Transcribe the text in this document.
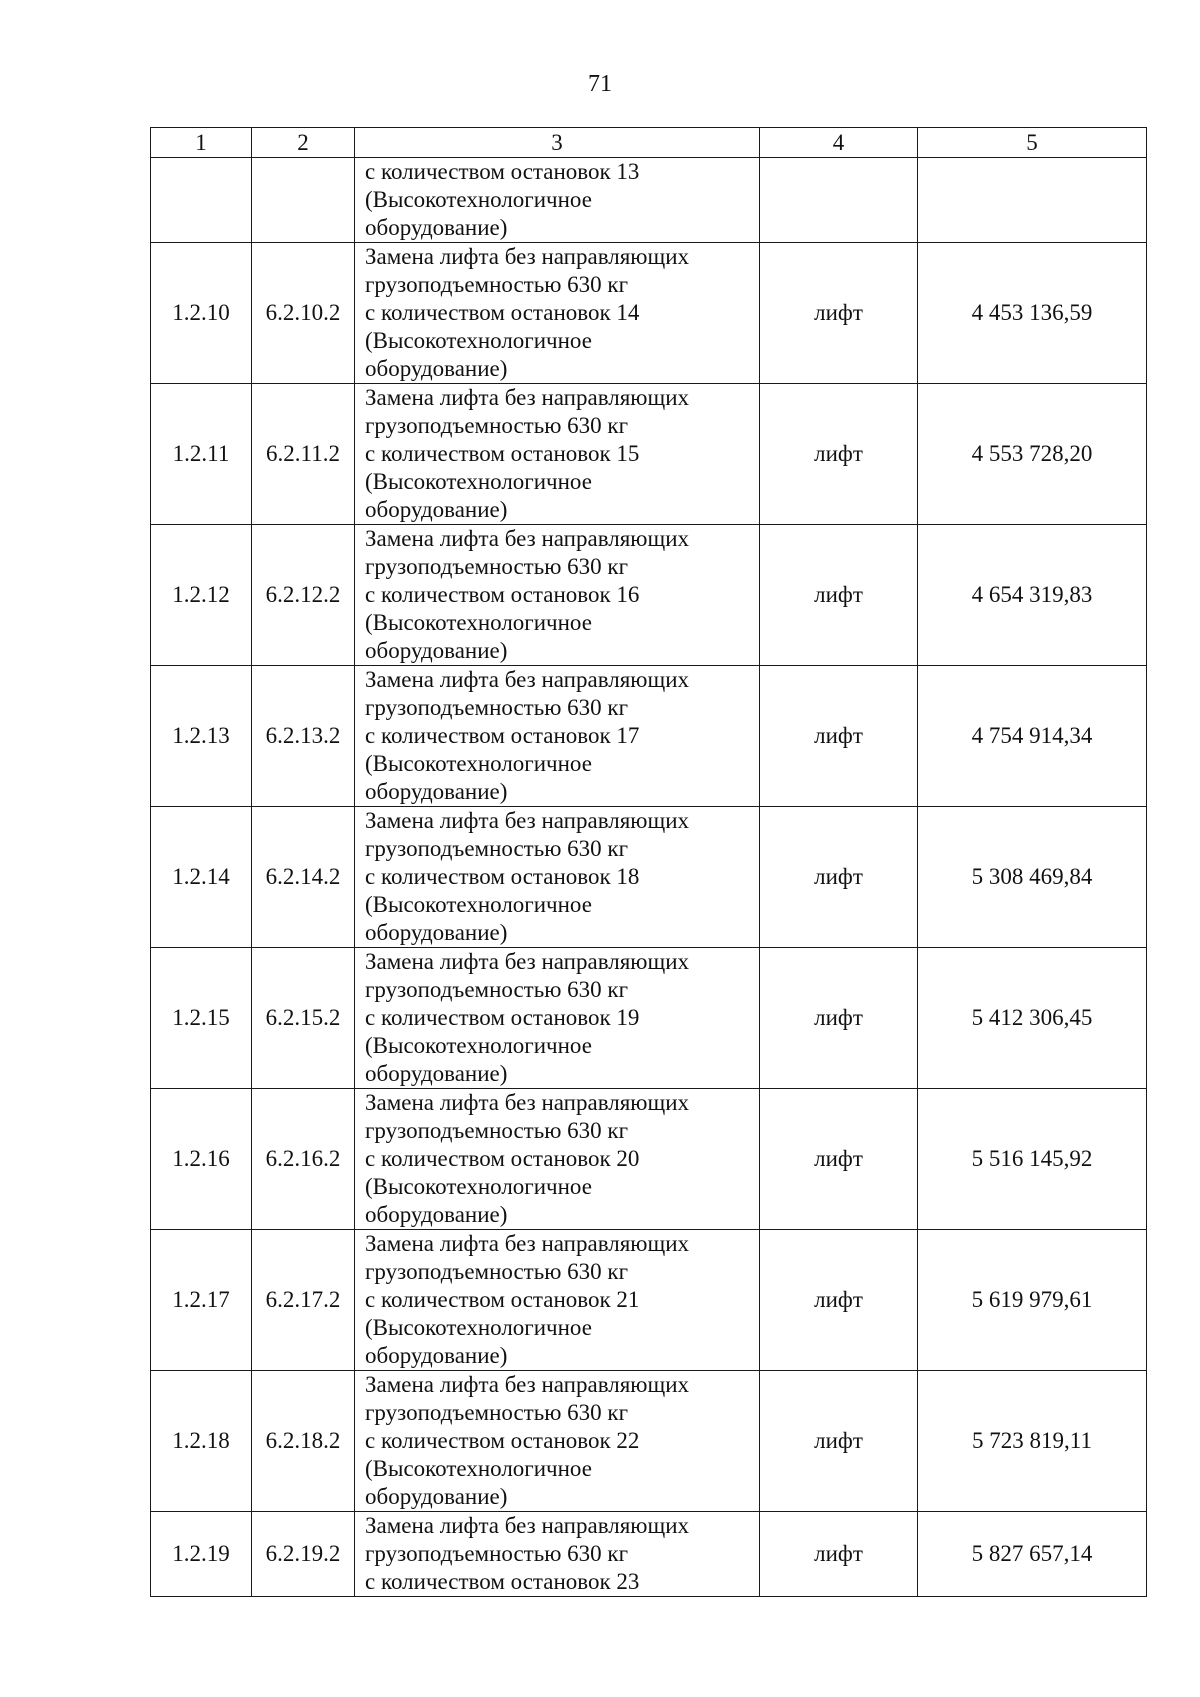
71
1	2	3	4	5

		с количеством остановок 13
(Высокотехнологичное
оборудование)		

1.2.10	6.2.10.2	Замена лифта без направляющих
грузоподъемностью 630 кг
с количеством остановок 14
(Высокотехнологичное
оборудование)	лифт	4 453 136,59
1.2.11	6.2.11.2	Замена лифта без направляющих
грузоподъемностью 630 кг
с количеством остановок 15
(Высокотехнологичное
оборудование)	лифт	4 553 728,20
1.2.12	6.2.12.2	Замена лифта без направляющих
грузоподъемностью 630 кг
с количеством остановок 16
(Высокотехнологичное
оборудование)	лифт	4 654 319,83
1.2.13	6.2.13.2	Замена лифта без направляющих
грузоподъемностью 630 кг
с количеством остановок 17
(Высокотехнологичное
оборудование)	лифт	4 754 914,34
1.2.14	6.2.14.2	Замена лифта без направляющих
грузоподъемностью 630 кг
с количеством остановок 18
(Высокотехнологичное
оборудование)	лифт	5 308 469,84
1.2.15	6.2.15.2	Замена лифта без направляющих
грузоподъемностью 630 кг
с количеством остановок 19
(Высокотехнологичное
оборудование)	лифт	5 412 306,45
1.2.16	6.2.16.2	Замена лифта без направляющих
грузоподъемностью 630 кг
с количеством остановок 20
(Высокотехнологичное
оборудование)	лифт	5 516 145,92
1.2.17	6.2.17.2	Замена лифта без направляющих
грузоподъемностью 630 кг
с количеством остановок 21
(Высокотехнологичное
оборудование)	лифт	5 619 979,61
1.2.18	6.2.18.2	Замена лифта без направляющих
грузоподъемностью 630 кг
с количеством остановок 22
(Высокотехнологичное
оборудование)	лифт	5 723 819,11
1.2.19	6.2.19.2	Замена лифта без направляющих
грузоподъемностью 630 кг
с количеством остановок 23	лифт	5 827 657,14
